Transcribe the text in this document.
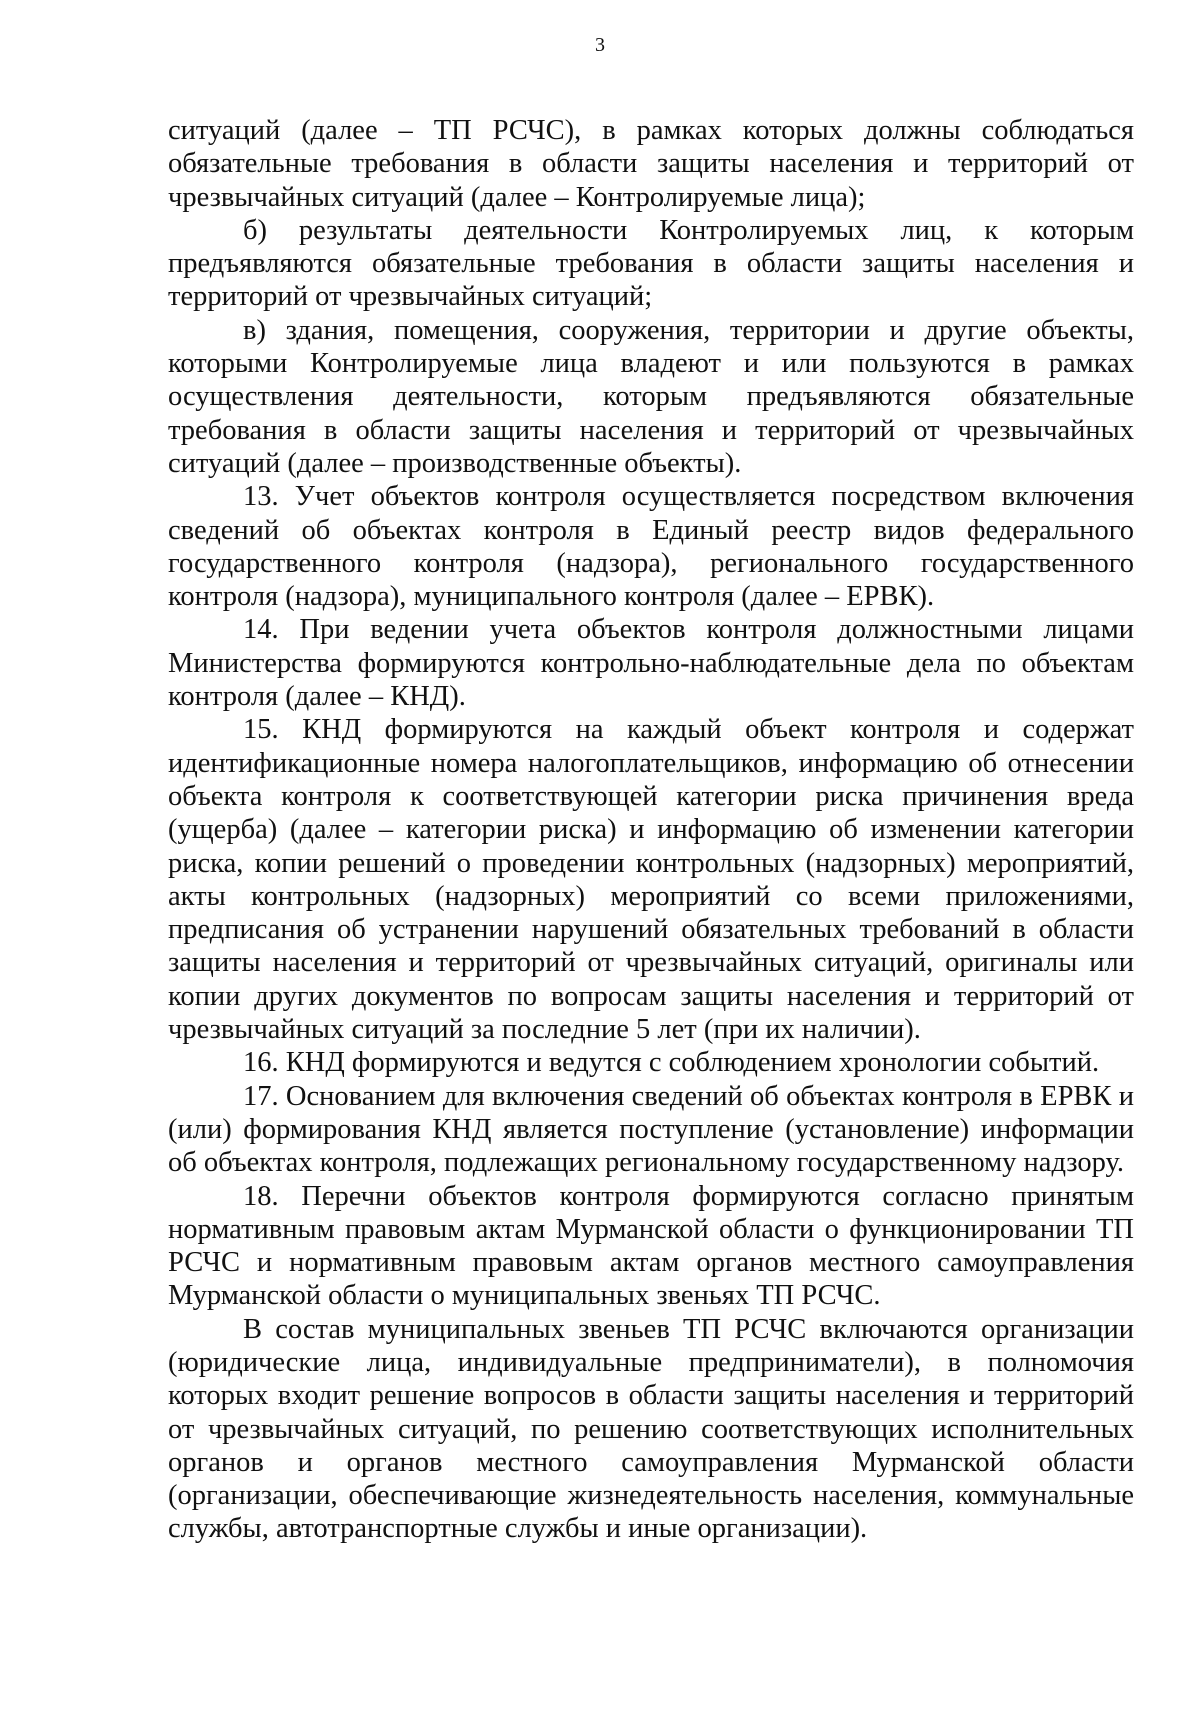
3

ситуаций (далее – ТП РСЧС), в рамках которых должны соблюдаться обязательные требования в области защиты населения и территорий от чрезвычайных ситуаций (далее – Контролируемые лица);

б) результаты деятельности Контролируемых лиц, к которым предъявляются обязательные требования в области защиты населения и территорий от чрезвычайных ситуаций;

в) здания, помещения, сооружения, территории и другие объекты, которыми Контролируемые лица владеют и или пользуются в рамках осуществления деятельности, которым предъявляются обязательные требования в области защиты населения и территорий от чрезвычайных ситуаций (далее – производственные объекты).

13. Учет объектов контроля осуществляется посредством включения сведений об объектах контроля в Единый реестр видов федерального государственного контроля (надзора), регионального государственного контроля (надзора), муниципального контроля (далее – ЕРВК).

14. При ведении учета объектов контроля должностными лицами Министерства формируются контрольно-наблюдательные дела по объектам контроля (далее – КНД).

15. КНД формируются на каждый объект контроля и содержат идентификационные номера налогоплательщиков, информацию об отнесении объекта контроля к соответствующей категории риска причинения вреда (ущерба) (далее – категории риска) и информацию об изменении категории риска, копии решений о проведении контрольных (надзорных) мероприятий, акты контрольных (надзорных) мероприятий со всеми приложениями, предписания об устранении нарушений обязательных требований в области защиты населения и территорий от чрезвычайных ситуаций, оригиналы или копии других документов по вопросам защиты населения и территорий от чрезвычайных ситуаций за последние 5 лет (при их наличии).

16. КНД формируются и ведутся с соблюдением хронологии событий.

17. Основанием для включения сведений об объектах контроля в ЕРВК и (или) формирования КНД является поступление (установление) информации об объектах контроля, подлежащих региональному государственному надзору.

18. Перечни объектов контроля формируются согласно принятым нормативным правовым актам Мурманской области о функционировании ТП РСЧС и нормативным правовым актам органов местного самоуправления Мурманской области о муниципальных звеньях ТП РСЧС.

В состав муниципальных звеньев ТП РСЧС включаются организации (юридические лица, индивидуальные предприниматели), в полномочия которых входит решение вопросов в области защиты населения и территорий от чрезвычайных ситуаций, по решению соответствующих исполнительных органов и органов местного самоуправления Мурманской области (организации, обеспечивающие жизнедеятельность населения, коммунальные службы, автотранспортные службы и иные организации).
